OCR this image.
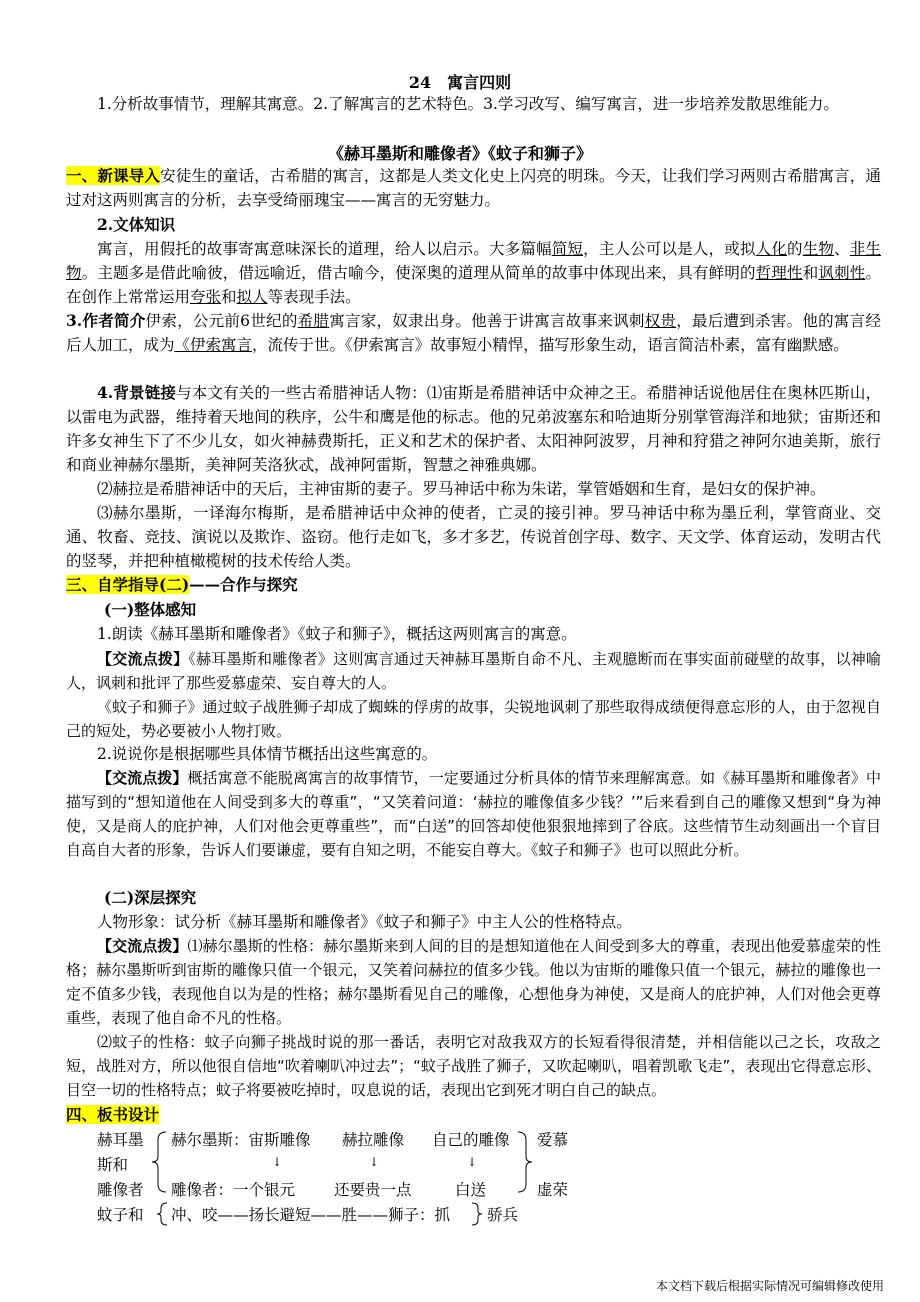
24　寓言四则

1.分析故事情节，理解其寓意。2.了解寓言的艺术特色。3.学习改写、编写寓言，进一步培养发散思维能力。

《赫耳墨斯和雕像者》《蚊子和狮子》

一、新课导入安徒生的童话，古希腊的寓言，这都是人类文化史上闪亮的明珠。今天，让我们学习两则古希腊寓言，通过对这两则寓言的分析，去享受绮丽瑰宝——寓言的无穷魅力。

2.文体知识

寓言，用假托的故事寄寓意味深长的道理，给人以启示。大多篇幅简短，主人公可以是人，或拟人化的生物、非生物。主题多是借此喻彼，借远喻近，借古喻今，使深奥的道理从简单的故事中体现出来，具有鲜明的哲理性和讽刺性。在创作上常常运用夸张和拟人等表现手法。

3.作者简介伊索，公元前6世纪的希腊寓言家，奴隶出身。他善于讲寓言故事来讽刺权贵，最后遭到杀害。他的寓言经后人加工，成为《伊索寓言，流传于世。《伊索寓言》故事短小精悍，描写形象生动，语言简洁朴素，富有幽默感。

4.背景链接与本文有关的一些古希腊神话人物：⑴宙斯是希腊神话中众神之王。希腊神话说他居住在奥林匹斯山，以雷电为武器，维持着天地间的秩序，公牛和鹰是他的标志。他的兄弟波塞东和哈迪斯分别掌管海洋和地狱；宙斯还和许多女神生下了不少儿女，如火神赫费斯托，正义和艺术的保护者、太阳神阿波罗，月神和狩猎之神阿尔迪美斯，旅行和商业神赫尔墨斯，美神阿芙洛狄忒，战神阿雷斯，智慧之神雅典娜。

⑵赫拉是希腊神话中的天后，主神宙斯的妻子。罗马神话中称为朱诺，掌管婚姻和生育，是妇女的保护神。

⑶赫尔墨斯，一译海尔梅斯，是希腊神话中众神的使者，亡灵的接引神。罗马神话中称为墨丘利，掌管商业、交通、牧畜、竞技、演说以及欺诈、盗窃。他行走如飞，多才多艺，传说首创字母、数字、天文学、体育运动，发明古代的竖琴，并把种植橄榄树的技术传给人类。

三、自学指导(二)——合作与探究

(一)整体感知

1.朗读《赫耳墨斯和雕像者》《蚊子和狮子》，概括这两则寓言的寓意。

【交流点拨】《赫耳墨斯和雕像者》这则寓言通过天神赫耳墨斯自命不凡、主观臆断而在事实面前碰壁的故事，以神喻人，讽刺和批评了那些爱慕虚荣、妄自尊大的人。

《蚊子和狮子》通过蚊子战胜狮子却成了蜘蛛的俘虏的故事，尖锐地讽刺了那些取得成绩便得意忘形的人，由于忽视自己的短处，势必要被小人物打败。

2.说说你是根据哪些具体情节概括出这些寓意的。

【交流点拨】概括寓意不能脱离寓言的故事情节，一定要通过分析具体的情节来理解寓意。如《赫耳墨斯和雕像者》中描写到的“想知道他在人间受到多大的尊重”，“又笑着问道：‘赫拉的雕像值多少钱？’”后来看到自己的雕像又想到“身为神使，又是商人的庇护神，人们对他会更尊重些”，而“白送”的回答却使他狠狠地摔到了谷底。这些情节生动刻画出一个盲目自高自大者的形象，告诉人们要谦虚，要有自知之明，不能妄自尊大。《蚊子和狮子》也可以照此分析。

(二)深层探究

人物形象：试分析《赫耳墨斯和雕像者》《蚊子和狮子》中主人公的性格特点。

【交流点拨】⑴赫尔墨斯的性格：赫尔墨斯来到人间的目的是想知道他在人间受到多大的尊重，表现出他爱慕虚荣的性格；赫尔墨斯听到宙斯的雕像只值一个银元，又笑着问赫拉的值多少钱。他以为宙斯的雕像只值一个银元，赫拉的雕像也一定不值多少钱，表现他自以为是的性格；赫尔墨斯看见自己的雕像，心想他身为神使，又是商人的庇护神，人们对他会更尊重些，表现了他自命不凡的性格。

⑵蚊子的性格：蚊子向狮子挑战时说的那一番话，表明它对敌我双方的长短看得很清楚，并相信能以己之长，攻敌之短，战胜对方，所以他很自信地“吹着喇叭冲过去”；“蚊子战胜了狮子，又吹起喇叭，唱着凯歌飞走”，表现出它得意忘形、目空一切的性格特点；蚊子将要被吃掉时，叹息说的话，表现出它到死才明白自己的缺点。

四、板书设计

赫耳墨
斯和
雕像者
赫尔墨斯：宙斯雕像 赫拉雕像 自己的雕像
↓	↓	↓
雕像者：一个银元	还要贵一点	白送
爱慕
虚荣
蚊子和 冲、咬——扬长避短——胜——狮子：抓 骄兵
本文档下载后根据实际情况可编辑修改使用
